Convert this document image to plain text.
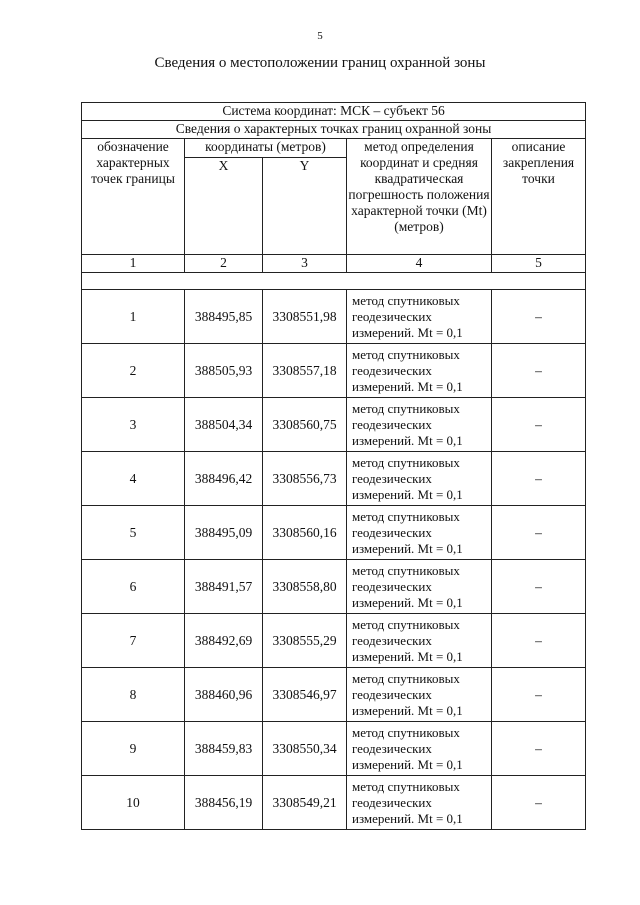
5
Сведения о местоположении границ охранной зоны
Система координат: МСК – субъект 56				
Сведения о характерных точках границ охранной зоны				
обозначение характерных точек границы	координаты (метров)		метод определения координат и средняя квадратическая погрешность положения характерной точки (Mt) (метров)	описание закрепления точки
	X	Y		
1	2	3	4	5

1	388495,85	3308551,98	метод спутниковых геодезических измерений. Mt = 0,1	–
2	388505,93	3308557,18	метод спутниковых геодезических измерений. Mt = 0,1	–
3	388504,34	3308560,75	метод спутниковых геодезических измерений. Mt = 0,1	–
4	388496,42	3308556,73	метод спутниковых геодезических измерений. Mt = 0,1	–
5	388495,09	3308560,16	метод спутниковых геодезических измерений. Mt = 0,1	–
6	388491,57	3308558,80	метод спутниковых геодезических измерений. Mt = 0,1	–
7	388492,69	3308555,29	метод спутниковых геодезических измерений. Mt = 0,1	–
8	388460,96	3308546,97	метод спутниковых геодезических измерений. Mt = 0,1	–
9	388459,83	3308550,34	метод спутниковых геодезических измерений. Mt = 0,1	–
10	388456,19	3308549,21	метод спутниковых геодезических измерений. Mt = 0,1	–
